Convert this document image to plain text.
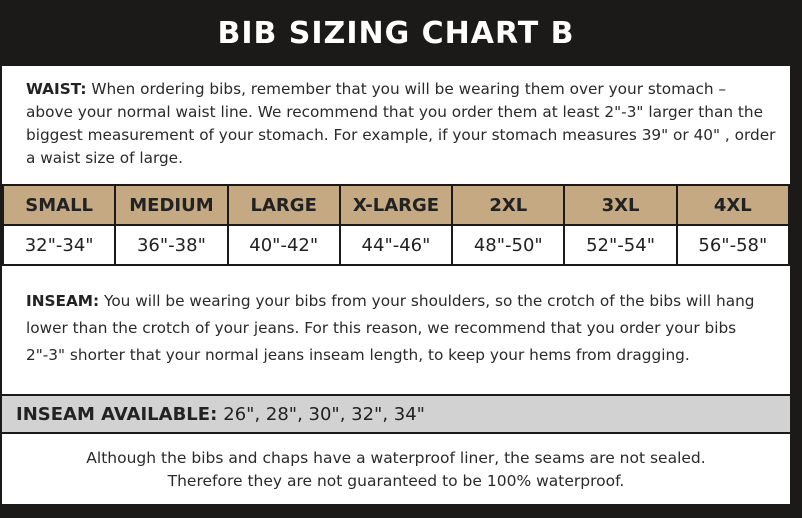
BIB SIZING CHART B
WAIST: When ordering bibs, remember that you will be wearing them over your stomach – above your normal waist line. We recommend that you order them at least 2"-3" larger than the biggest measurement of your stomach. For example, if your stomach measures 39" or 40" , order a waist size of large.
SMALL	MEDIUM	LARGE	X-LARGE	2XL	3XL	4XL
32"-34"	36"-38"	40"-42"	44"-46"	48"-50"	52"-54"	56"-58"
INSEAM: You will be wearing your bibs from your shoulders, so the crotch of the bibs will hang lower than the crotch of your jeans. For this reason, we recommend that you order your bibs 2"-3" shorter that your normal jeans inseam length, to keep your hems from dragging.
INSEAM AVAILABLE: 26", 28", 30", 32", 34"
Although the bibs and chaps have a waterproof liner, the seams are not sealed.
Therefore they are not guaranteed to be 100% waterproof.
